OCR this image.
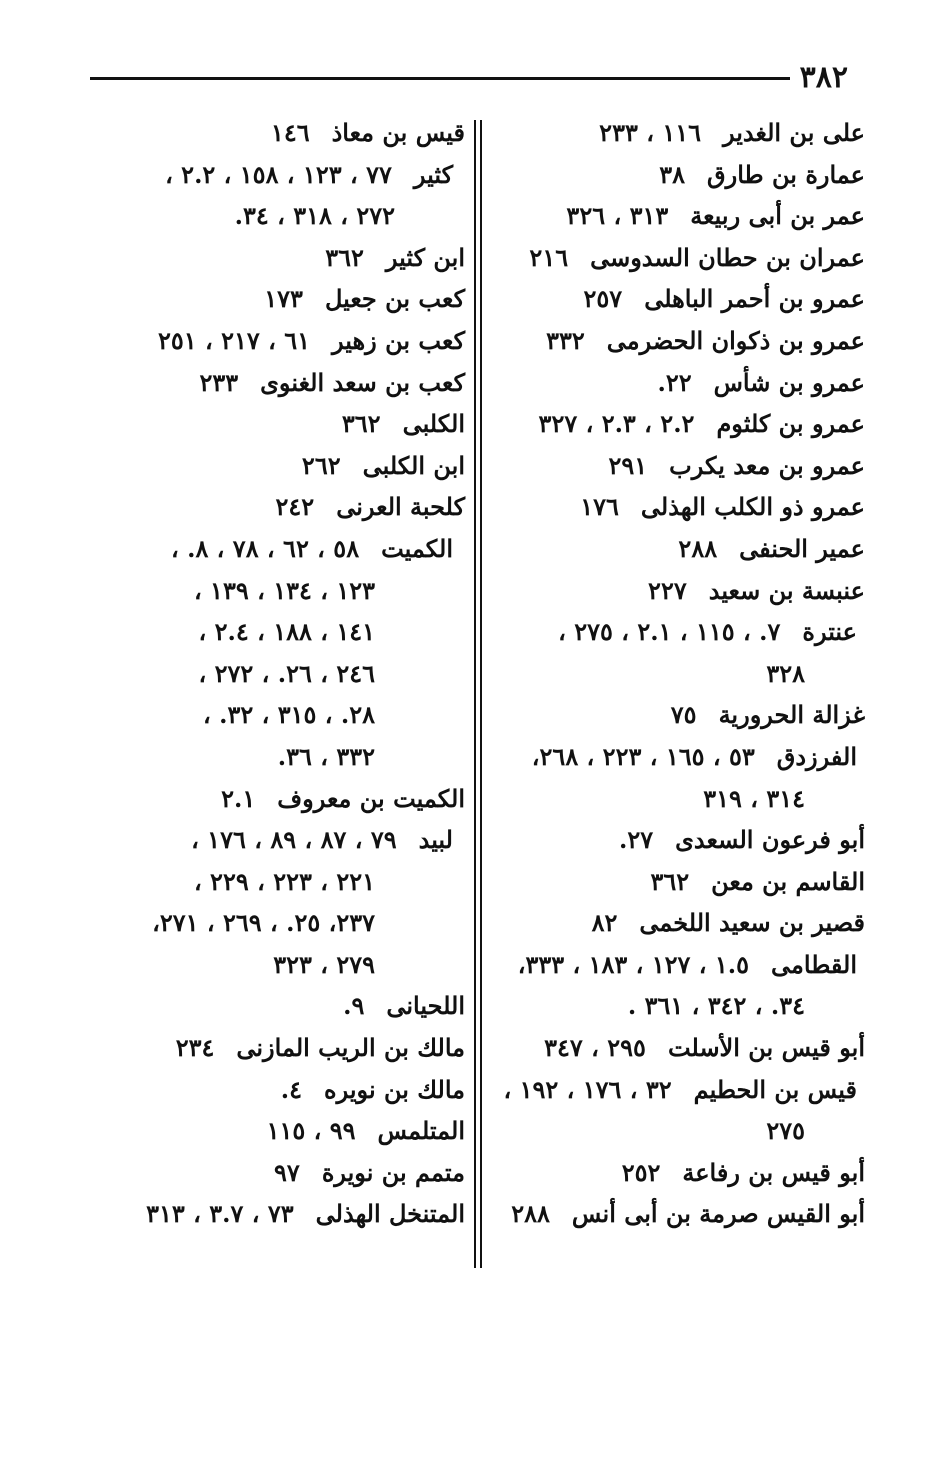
٣٨٢
على بن الغدير١١٦ ، ٢٣٣
عمارة بن طارق٣٨
عمر بن أبى ربيعة٣١٣ ، ٣٢٦
عمران بن حطان السدوسى٢١٦
عمرو بن أحمر الباهلى٢٥٧
عمرو بن ذكوان الحضرمى٣٣٢
عمرو بن شأس٢٢.
عمرو بن كلثوم٢.٢ ، ٢.٣ ، ٣٢٧
عمرو بن معد يكرب٢٩١
عمرو ذو الكلب الهذلى١٧٦
عمير الحنفى٢٨٨
عنبسة بن سعيد٢٢٧
عنترة٧. ، ١١٥ ، ٢.١ ، ٢٧٥ ،
٣٢٨
غزالة الحرورية٧٥
الفرزدق٥٣ ، ١٦٥ ، ٢٢٣ ، ٢٦٨،
٣١٤ ، ٣١٩
أبو فرعون السعدى٢٧.
القاسم بن معن٣٦٢
قصير بن سعيد اللخمى٨٢
القطامى١.٥ ، ١٢٧ ، ١٨٣ ، ٣٣٣،
٣٤. ، ٣٤٢ ، ٣٦١ .
أبو قيس بن الأسلت٢٩٥ ، ٣٤٧
قيس بن الحطيم٣٢ ، ١٧٦ ، ١٩٢ ،
٢٧٥
أبو قيس بن رفاعة٢٥٢
أبو القيس صرمة بن أبى أنس٢٨٨
قيس بن معاذ١٤٦
كثير٧٧ ، ١٢٣ ، ١٥٨ ، ٢.٢ ،
٢٧٢ ، ٣١٨ ، ٣٤.
ابن كثير٣٦٢
كعب بن جعيل١٧٣
كعب بن زهير٦١ ، ٢١٧ ، ٢٥١
كعب بن سعد الغنوى٢٣٣
الكلبى٣٦٢
ابن الكلبى٢٦٢
كلحبة العرنى٢٤٢
الكميت٥٨ ، ٦٢ ، ٧٨ ، ٨. ،
١٢٣ ، ١٣٤ ، ١٣٩ ،
١٤١ ، ١٨٨ ، ٢.٤ ،
٢٤٦ ، ٢٦. ، ٢٧٢ ،
٢٨. ، ٣١٥ ، ٣٢. ،
٣٣٢ ، ٣٦.
الكميت بن معروف٢.١
لبيد٧٩ ، ٨٧ ، ٨٩ ، ١٧٦ ،
٢٢١ ، ٢٢٣ ، ٢٢٩ ،
٢٣٧، ٢٥. ، ٢٦٩ ، ٢٧١،
٢٧٩ ، ٣٢٣
اللحيانى٩.
مالك بن الريب المازنى٢٣٤
مالك بن نويره٤.
المتلمس٩٩ ، ١١٥
متمم بن نويرة٩٧
المتنخل الهذلى٧٣ ، ٣.٧ ، ٣١٣
